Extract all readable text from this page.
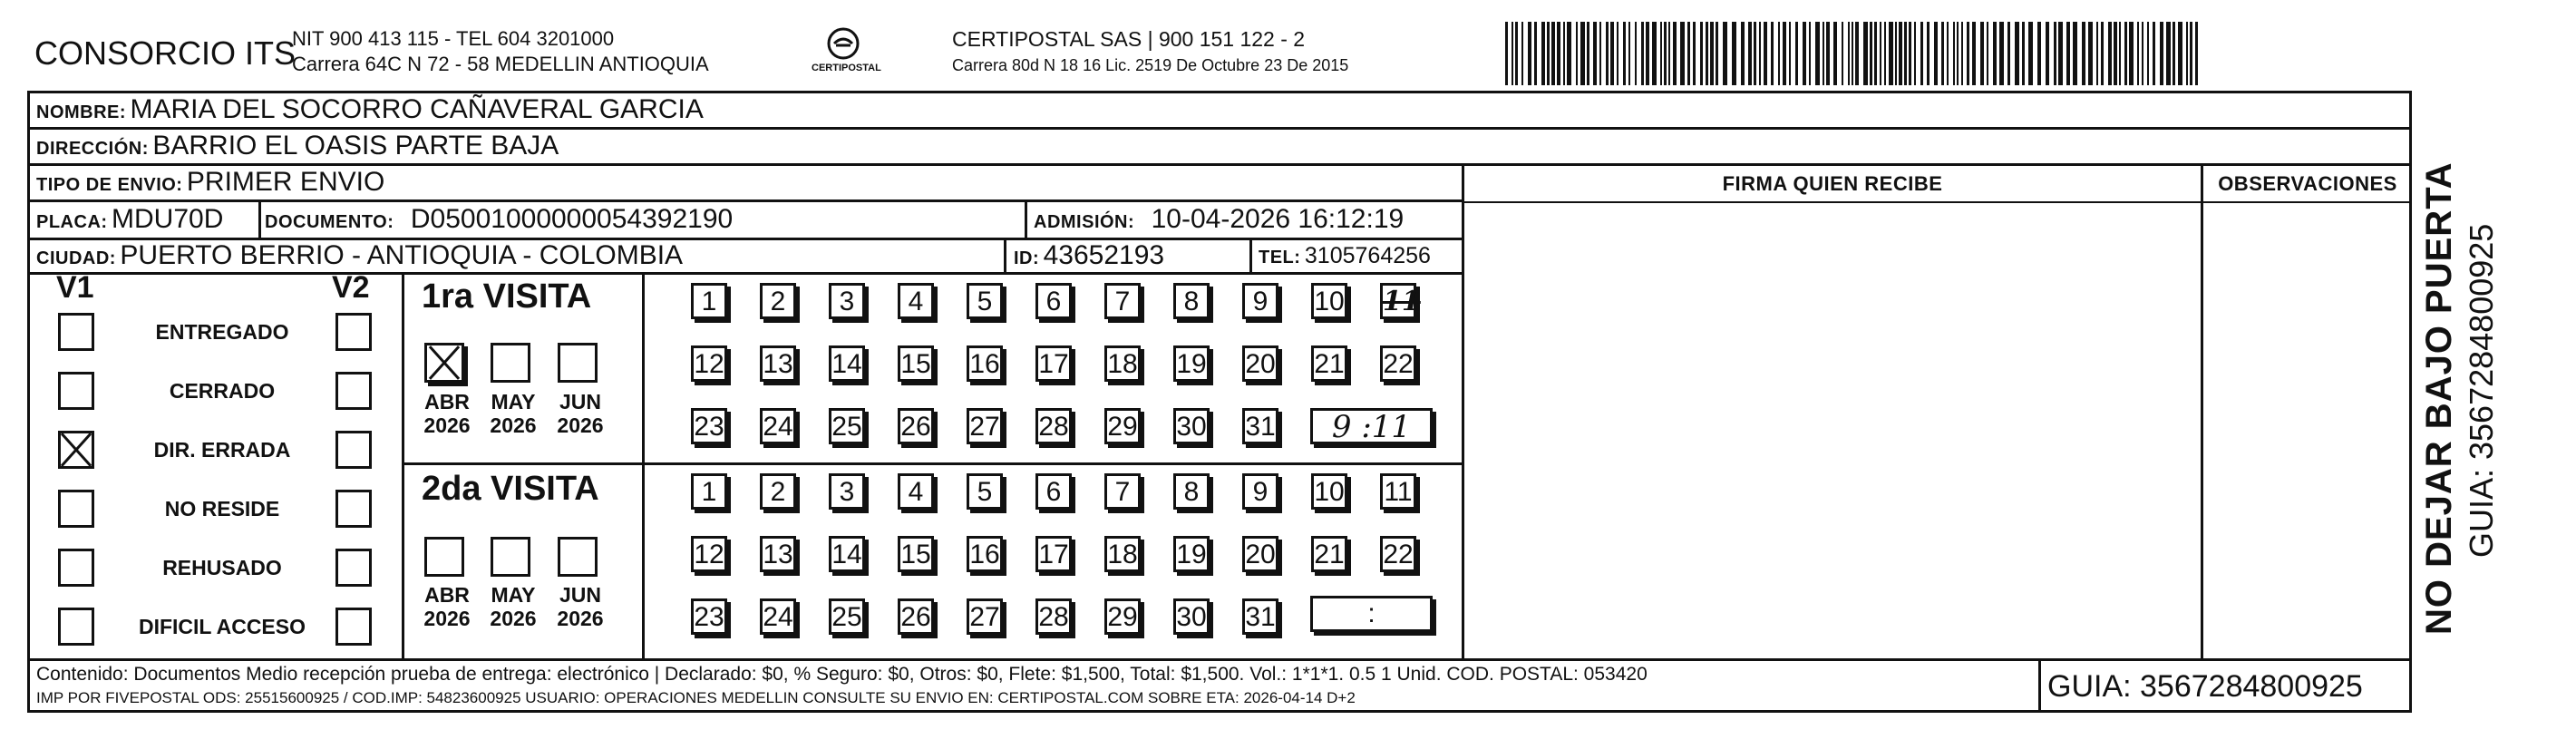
CONSORCIO ITS
NIT 900 413 115 - TEL 604 3201000
Carrera 64C N 72 - 58 MEDELLIN ANTIOQUIA	CERTIPOSTAL
CERTIPOSTAL SAS | 900 151 122 - 2
Carrera 80d N 18 16 Lic. 2519 De Octubre 23 De 2015
NOMBRE: MARIA DEL SOCORRO CAÑAVERAL GARCIA
DIRECCIÓN: BARRIO EL OASIS PARTE BAJA
TIPO DE ENVIO: PRIMER ENVIO
PLACA: MDU70D DOCUMENTO: D05001000000054392190	ADMISIÓN: 10-04-2026 16:12:19
CIUDAD: PUERTO BERRIO - ANTIOQUIA - COLOMBIA	ID: 43652193	TEL: 3105764256
FIRMA QUIEN RECIBE	OBSERVACIONES
V1	V2
ENTREGADO
CERRADO
DIR. ERRADA
NO RESIDE
REHUSADO
DIFICIL ACCESO
1ra VISITA
2da VISITA
ABR
2026
MAY
2026
JUN
2026
ABR
2026
MAY
2026
JUN
2026
1	2	3	4	5	6	7	8	9	10 11
12 13 14 15 16 17 18 19 20 21 22
23 24 25 26 27 28 29 30 31
1	2	3	4	5	6	7	8	9	10 11
12 13 14 15 16 17 18 19 20 21 22
23 24 25 26 27 28 29 30 31
9 :11
:
Contenido: Documentos Medio recepción prueba de entrega: electrónico | Declarado: $0, % Seguro: $0, Otros: $0, Flete: $1,500, Total: $1,500. Vol.: 1*1*1. 0.5 1 Unid. COD. POSTAL: 053420
IMP POR FIVEPOSTAL ODS: 25515600925 / COD.IMP: 54823600925 USUARIO: OPERACIONES MEDELLIN CONSULTE SU ENVIO EN: CERTIPOSTAL.COM SOBRE ETA: 2026-04-14 D+2	GUIA: 3567284800925
NO DEJAR BAJO PUERTA GUIA: 3567284800925
